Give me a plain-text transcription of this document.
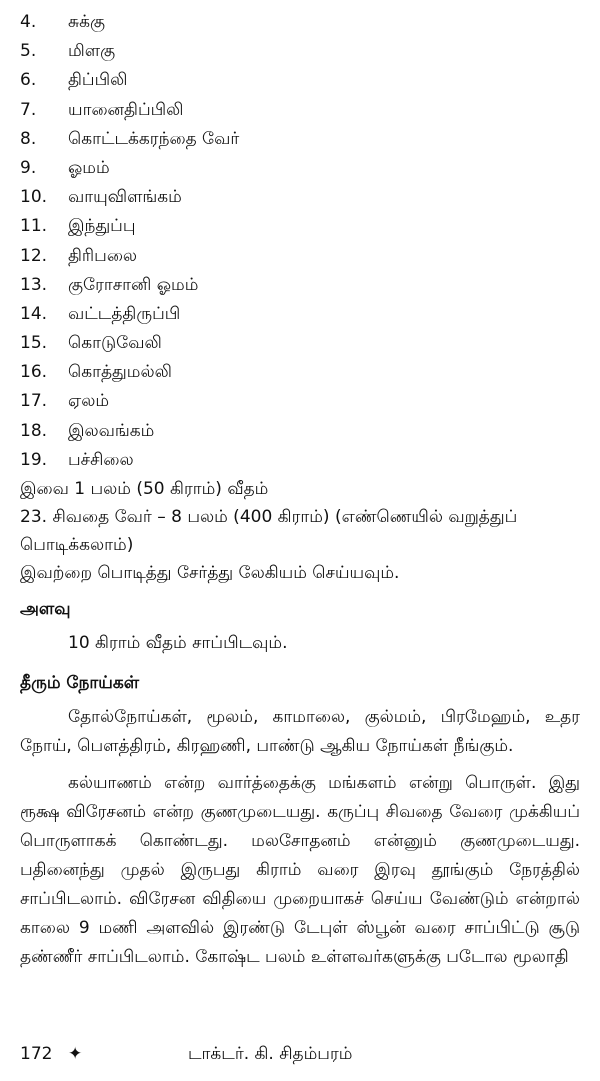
4. சுக்கு
5. மிளகு
6. திப்பிலி
7. யானைதிப்பிலி
8. கொட்டக்கரந்தை வேர்
9. ஓமம்
10. வாயுவிளங்கம்
11. இந்துப்பு
12. திரிபலை
13. குரோசானி ஓமம்
14. வட்டத்திருப்பி
15. கொடுவேலி
16. கொத்துமல்லி
17. ஏலம்
18. இலவங்கம்
19. பச்சிலை
இவை 1 பலம் (50 கிராம்) வீதம்
23. சிவதை வேர் – 8 பலம் (400 கிராம்) (எண்ணெயில் வறுத்துப்
பொடிக்கலாம்)
இவற்றை பொடித்து சேர்த்து லேகியம் செய்யவும்.
அளவு
10 கிராம் வீதம் சாப்பிடவும்.
தீரும் நோய்கள்

தோல்நோய்கள், மூலம், காமாலை, குல்மம், பிரமேஹம், உதர நோய், பௌத்திரம், கிரஹணி, பாண்டு ஆகிய நோய்கள் நீங்கும்.

கல்யாணம் என்ற வார்த்தைக்கு மங்களம் என்று பொருள். இது ரூக்ஷ விரேசனம் என்ற குணமுடையது. கருப்பு சிவதை வேரை முக்கியப் பொருளாகக் கொண்டது. மலசோதனம் என்னும் குணமுடையது. பதினைந்து முதல் இருபது கிராம் வரை இரவு தூங்கும் நேரத்தில் சாப்பிடலாம். விரேசன விதியை முறையாகச் செய்ய வேண்டும் என்றால் காலை 9 மணி அளவில் இரண்டு டேபுள் ஸ்பூன் வரை சாப்பிட்டு சூடு தண்ணீர் சாப்பிடலாம். கோஷ்ட பலம் உள்ளவர்களுக்கு படோல மூலாதி

172 ✦	டாக்டர். கி. சிதம்பரம்
